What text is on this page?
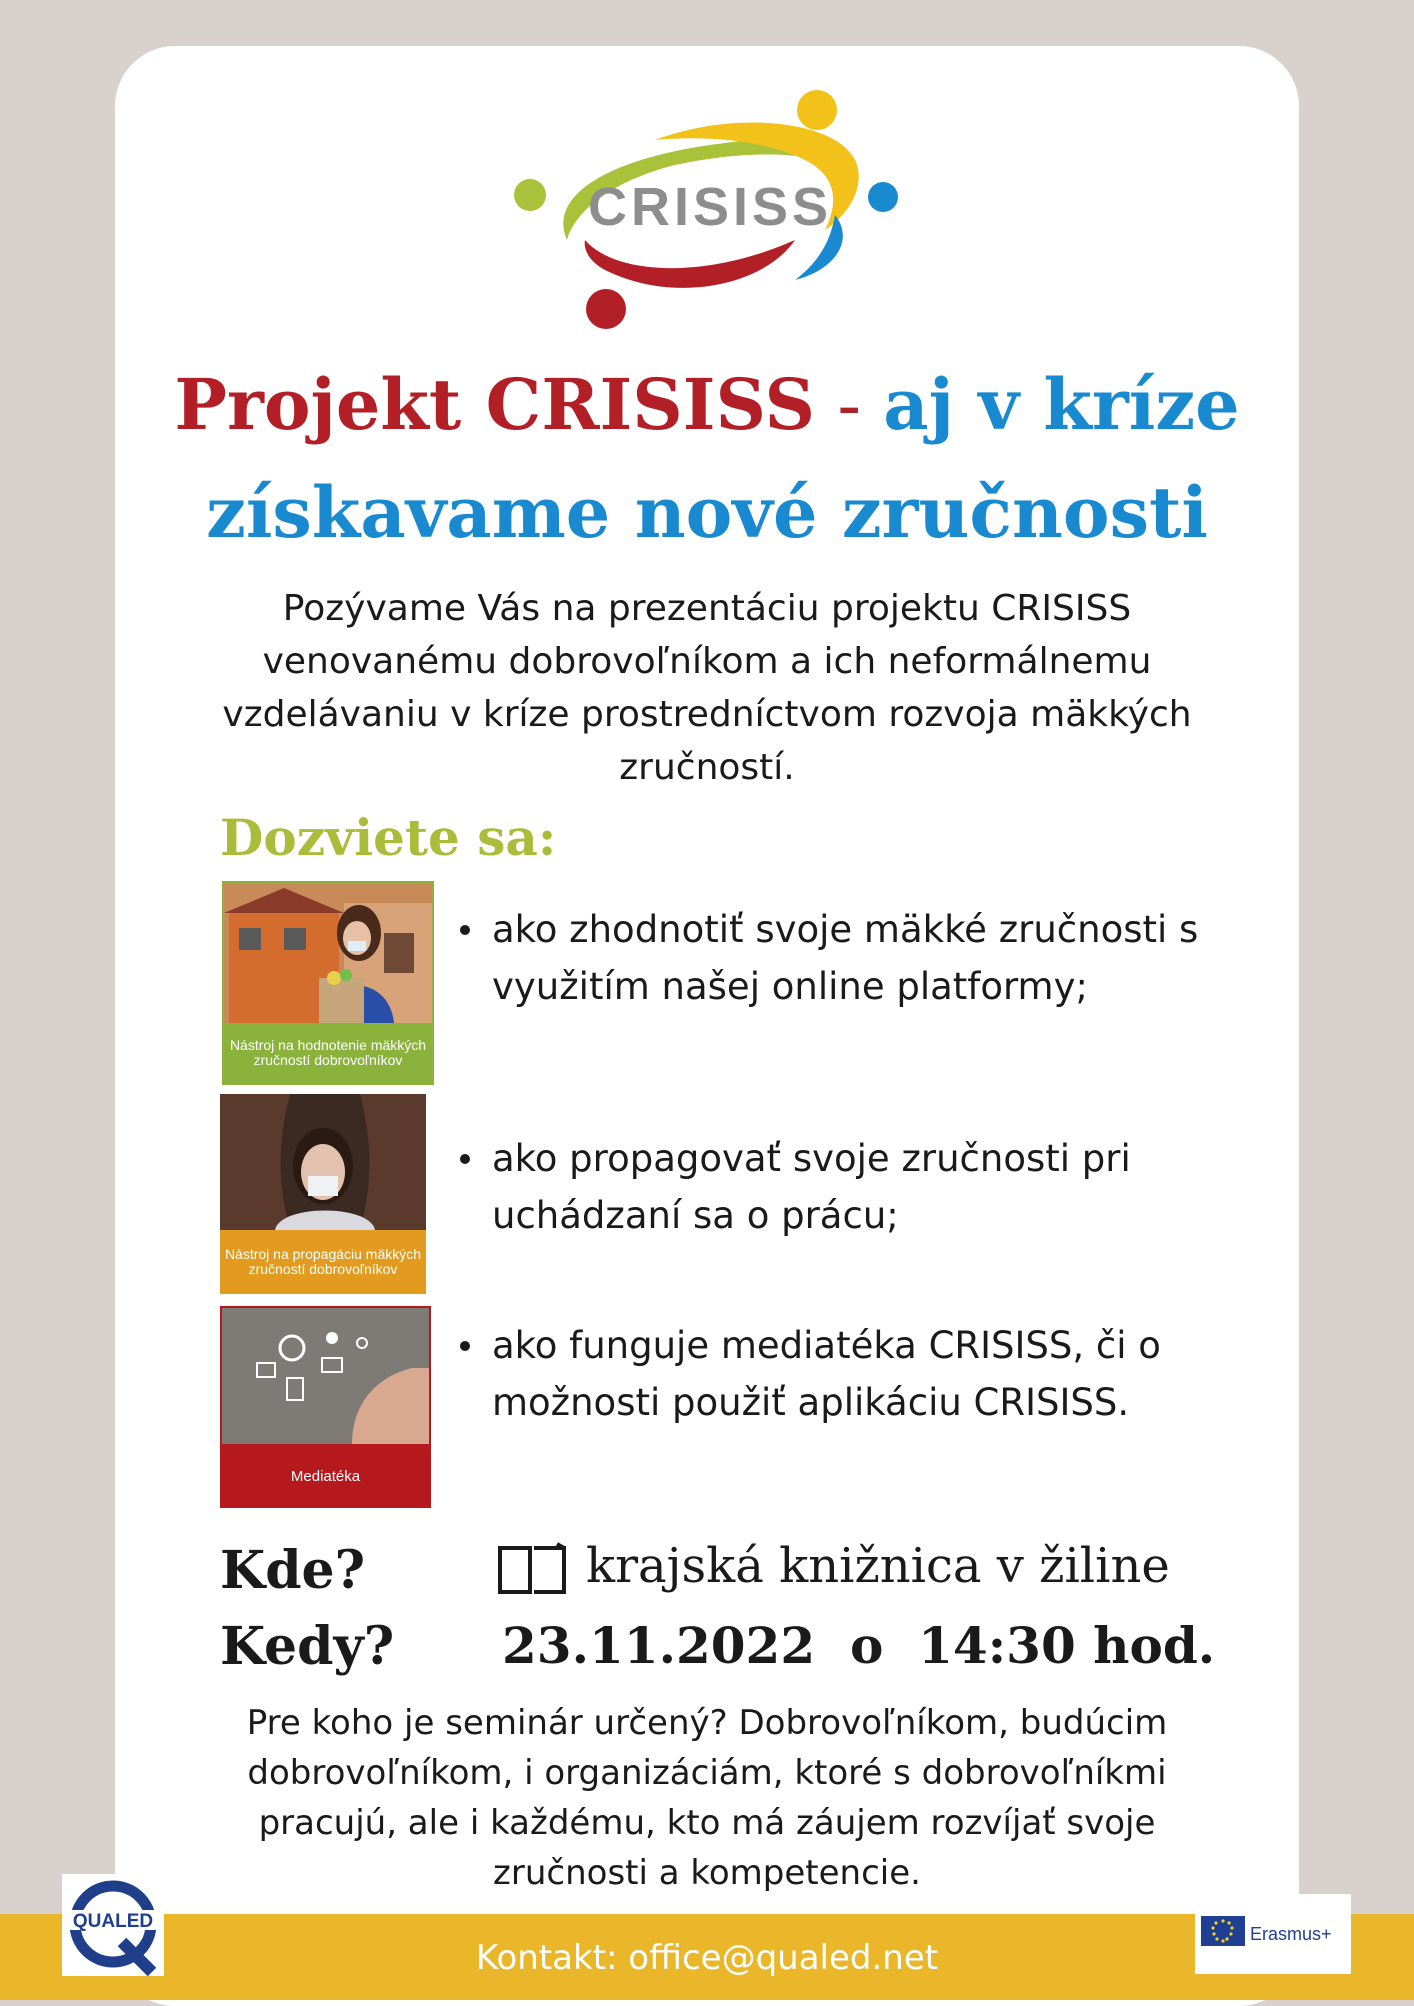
CRISISS
Projekt CRISISS - aj v kríze
získavame nové zručnosti
Pozývame Vás na prezentáciu projektu CRISISS venovanému dobrovoľníkom a ich neformálnemu vzdelávaniu v kríze prostredníctvom rozvoja mäkkých zručností.
Dozviete sa:
Nástroj na hodnotenie mäkkých zručností dobrovoľníkov
ako zhodnotiť svoje mäkké zručnosti s využitím našej online platformy;
Nástroj na propagáciu mäkkých zručností dobrovoľníkov
ako propagovať svoje zručnosti pri uchádzaní sa o prácu;
Mediatéka
ako funguje mediatéka CRISISS, či o možnosti použiť aplikáciu CRISISS.
Kde?	krajská knižnica v žiline
Kedy? 23.11.2022  o  14:30 hod.
Pre koho je seminár určený? Dobrovoľníkom, budúcim dobrovoľníkom, i organizáciám, ktoré s dobrovoľníkmi pracujú, ale i každému, kto má záujem rozvíjať svoje zručnosti a kompetencie.
Kontakt: office@qualed.net
QUALED
Erasmus+
